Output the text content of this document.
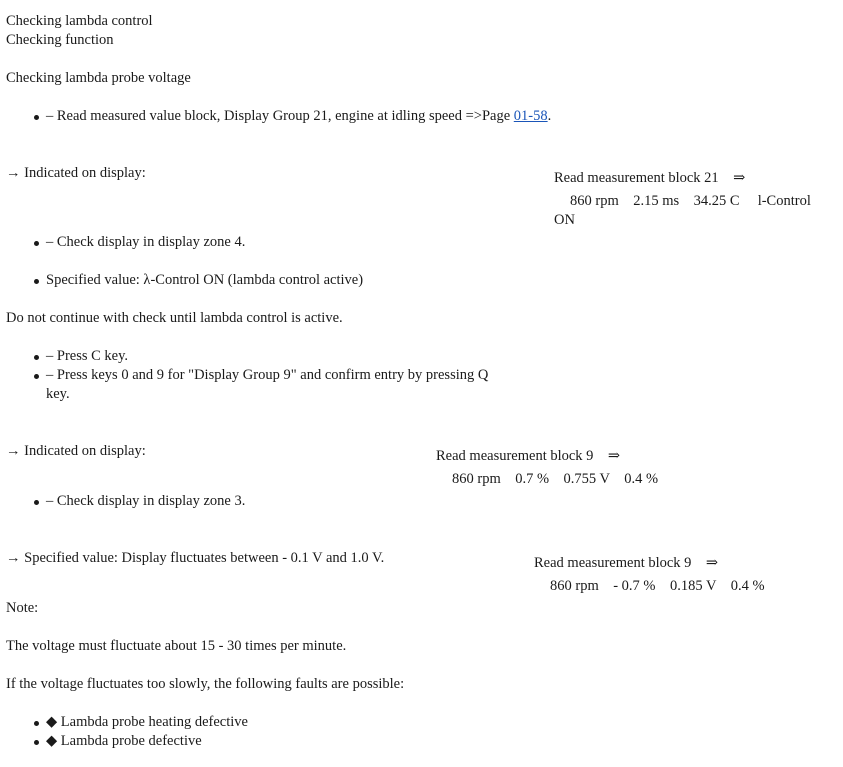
Checking lambda control
Checking function
Checking lambda probe voltage
– Read measured value block, Display Group 21, engine at idling speed =>Page 01-58.
→ Indicated on display:	Read measurement block 21    ⇒
860 rpm    2.15 ms    34.25 C     l-Control
ON
– Check display in display zone 4.
Specified value: λ-Control ON (lambda control active)
Do not continue with check until lambda control is active.
– Press C key.
– Press keys 0 and 9 for "Display Group 9" and confirm entry by pressing Q
key.
→ Indicated on display:	Read measurement block 9    ⇒
860 rpm    0.7 %    0.755 V    0.4 %
– Check display in display zone 3.
→ Specified value: Display fluctuates between - 0.1 V and 1.0 V.	Read measurement block 9    ⇒
860 rpm    - 0.7 %    0.185 V    0.4 %
Note:
The voltage must fluctuate about 15 - 30 times per minute.
If the voltage fluctuates too slowly, the following faults are possible:
◆ Lambda probe heating defective
◆ Lambda probe defective
